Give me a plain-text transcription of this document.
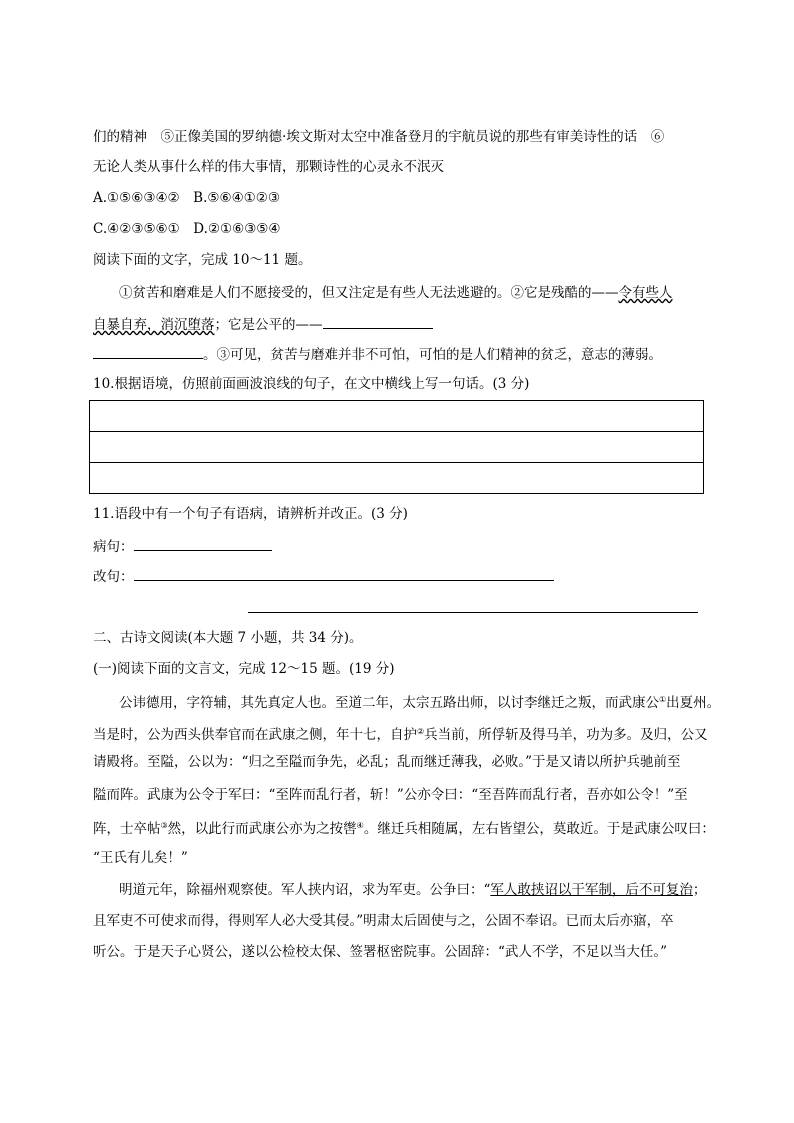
们的精神　⑤正像美国的罗纳德·埃文斯对太空中准备登月的宇航员说的那些有审美诗性的话　⑥
无论人类从事什么样的伟大事情，那颗诗性的心灵永不泯灭
A.①⑤⑥③④②　B.⑤⑥④①②③
C.④②③⑤⑥①　D.②①⑥③⑤④
阅读下面的文字，完成 10～11 题。
①贫苦和磨难是人们不愿接受的，但又注定是有些人无法逃避的。②它是残酷的——令有些人
自暴自弃，消沉堕落；它是公平的——
。③可见，贫苦与磨难并非不可怕，可怕的是人们精神的贫乏，意志的薄弱。
10.根据语境，仿照前面画波浪线的句子，在文中横线上写一句话。(3 分)
11.语段中有一个句子有语病，请辨析并改正。(3 分)
病句：
改句：
二、古诗文阅读(本大题 7 小题，共 34 分)。
(一)阅读下面的文言文，完成 12～15 题。(19 分)
公讳德用，字符辅，其先真定人也。至道二年，太宗五路出师，以讨李继迁之叛，而武康公①出夏州。
当是时，公为西头供奉官而在武康之侧，年十七，自护②兵当前，所俘斩及得马羊，功为多。及归，公又
请殿将。至隘，公以为：“归之至隘而争先，必乱；乱而继迁薄我，必败。”于是又请以所护兵驰前至
隘而阵。武康为公令于军曰：“至阵而乱行者，斩！”公亦令曰：“至吾阵而乱行者，吾亦如公令！”至
阵，士卒帖③然，以此行而武康公亦为之按辔④。继迁兵相随属，左右皆望公，莫敢近。于是武康公叹曰：
“王氏有儿矣！”
明道元年，除福州观察使。军人挟内诏，求为军吏。公争曰：“军人敢挟诏以干军制，后不可复治；
且军吏不可使求而得，得则军人必大受其侵。”明肃太后固使与之，公固不奉诏。已而太后亦寤，卒
听公。于是天子心贤公，遂以公检校太保、签署枢密院事。公固辞：“武人不学，不足以当大任。”
